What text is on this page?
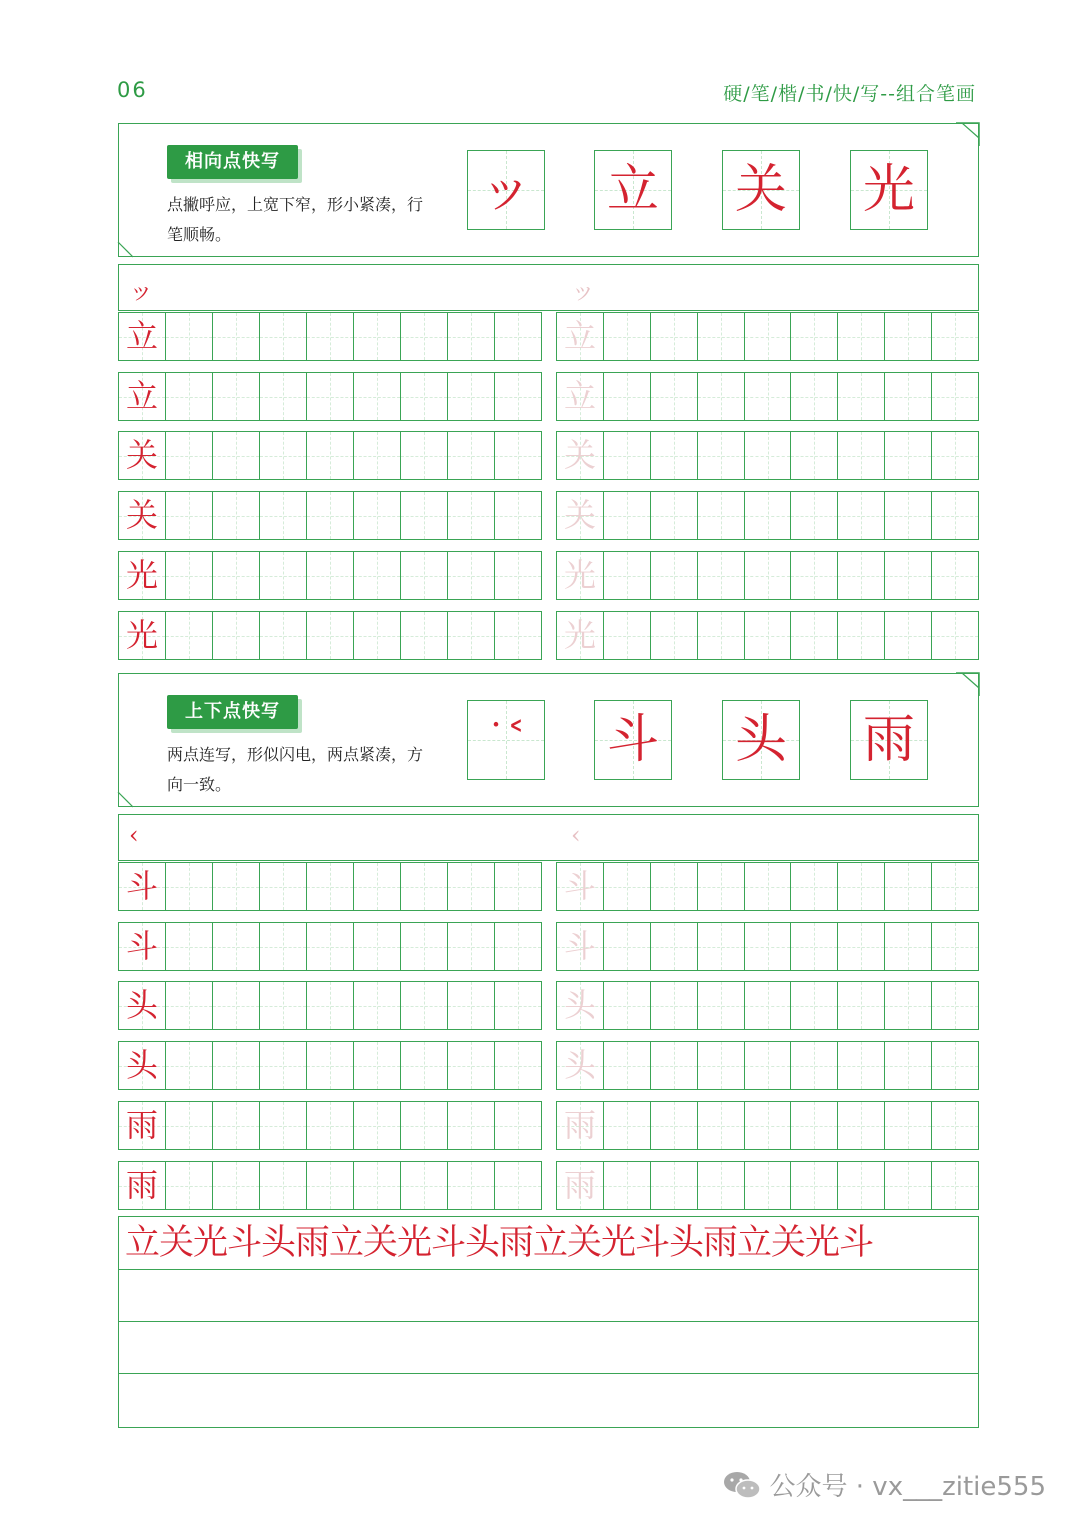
06	硬/笔/楷/书/快/写--组合笔画
相向点快写
点撇呼应，上宽下窄，形小紧凑，行笔顺畅。
ッ 立 关 光
ッ	ッ
立	立
立	立
关	关
关	关
光	光
光	光
上下点快写
两点连写，形似闪电，两点紧凑，方向一致。
˙˂	斗 头 雨
‹	‹
斗	斗
斗	斗
头	头
头	头
雨	雨
雨	雨
立关光斗头雨立关光斗头雨立关光斗头雨立关光斗
公众号 · vx___zitie555
